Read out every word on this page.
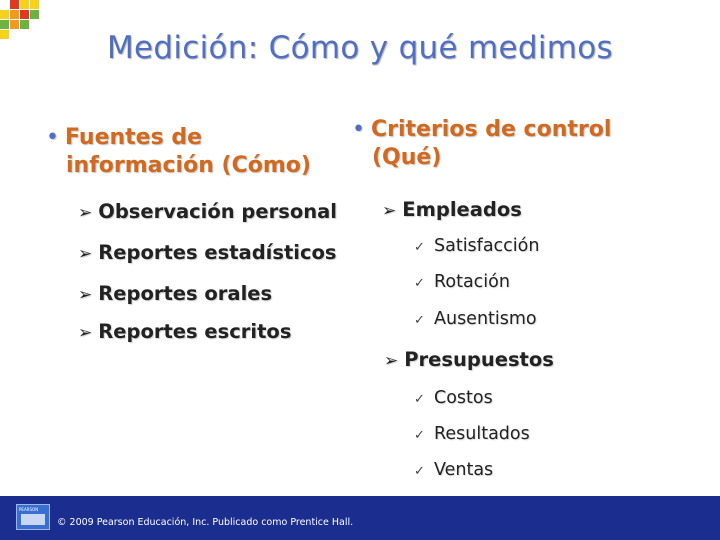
Medición: Cómo y qué medimos
• Fuentes de
información (Cómo)
➢ Observación personal
➢ Reportes estadísticos
➢ Reportes orales
➢ Reportes escritos
• Criterios de control
(Qué)
➢ Empleados
✓ Satisfacción
✓ Rotación
✓ Ausentismo
➢ Presupuestos
✓ Costos
✓ Resultados
✓ Ventas
PEARSON
© 2009 Pearson Educación, Inc. Publicado como Prentice Hall.
14–7
